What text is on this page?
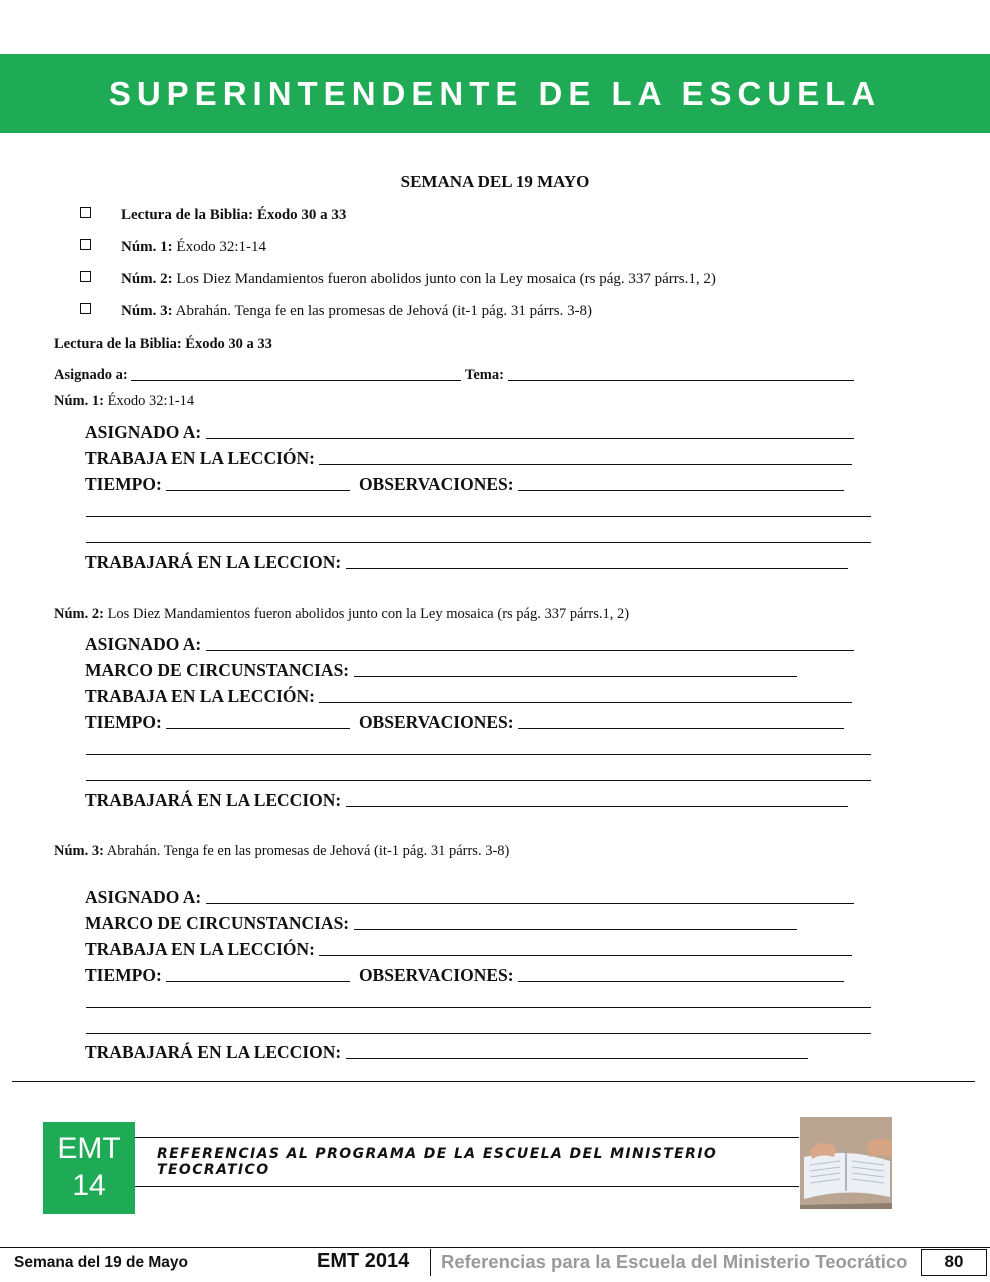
SUPERINTENDENTE DE LA ESCUELA
SEMANA DEL 19 MAYO
Lectura de la Biblia: Éxodo 30 a 33
Núm. 1: Éxodo 32:1-14
Núm. 2: Los Diez Mandamientos fueron abolidos junto con la Ley mosaica (rs pág. 337 párrs.1, 2)
Núm. 3: Abrahán. Tenga fe en las promesas de Jehová (it-1 pág. 31 párrs. 3-8)
Lectura de la Biblia: Éxodo 30 a 33
Asignado a:	Tema:
Núm. 1: Éxodo 32:1-14
ASIGNADO A:
TRABAJA EN LA LECCIÓN:
TIEMPO:	OBSERVACIONES:
TRABAJARÁ EN LA LECCION:
Núm. 2: Los Diez Mandamientos fueron abolidos junto con la Ley mosaica (rs pág. 337 párrs.1, 2)
ASIGNADO A:
MARCO DE CIRCUNSTANCIAS:
TRABAJA EN LA LECCIÓN:
TIEMPO:	OBSERVACIONES:
TRABAJARÁ EN LA LECCION:
Núm. 3: Abrahán. Tenga fe en las promesas de Jehová (it-1 pág. 31 párrs. 3-8)
ASIGNADO A:
MARCO DE CIRCUNSTANCIAS:
TRABAJA EN LA LECCIÓN:
TIEMPO:	OBSERVACIONES:
TRABAJARÁ EN LA LECCION:
EMT
14
REFERENCIAS AL PROGRAMA DE LA ESCUELA DEL MINISTERIO TEOCRATICO
Semana del 19 de Mayo	EMT 2014 Referencias para la Escuela del Ministerio Teocrático	80
